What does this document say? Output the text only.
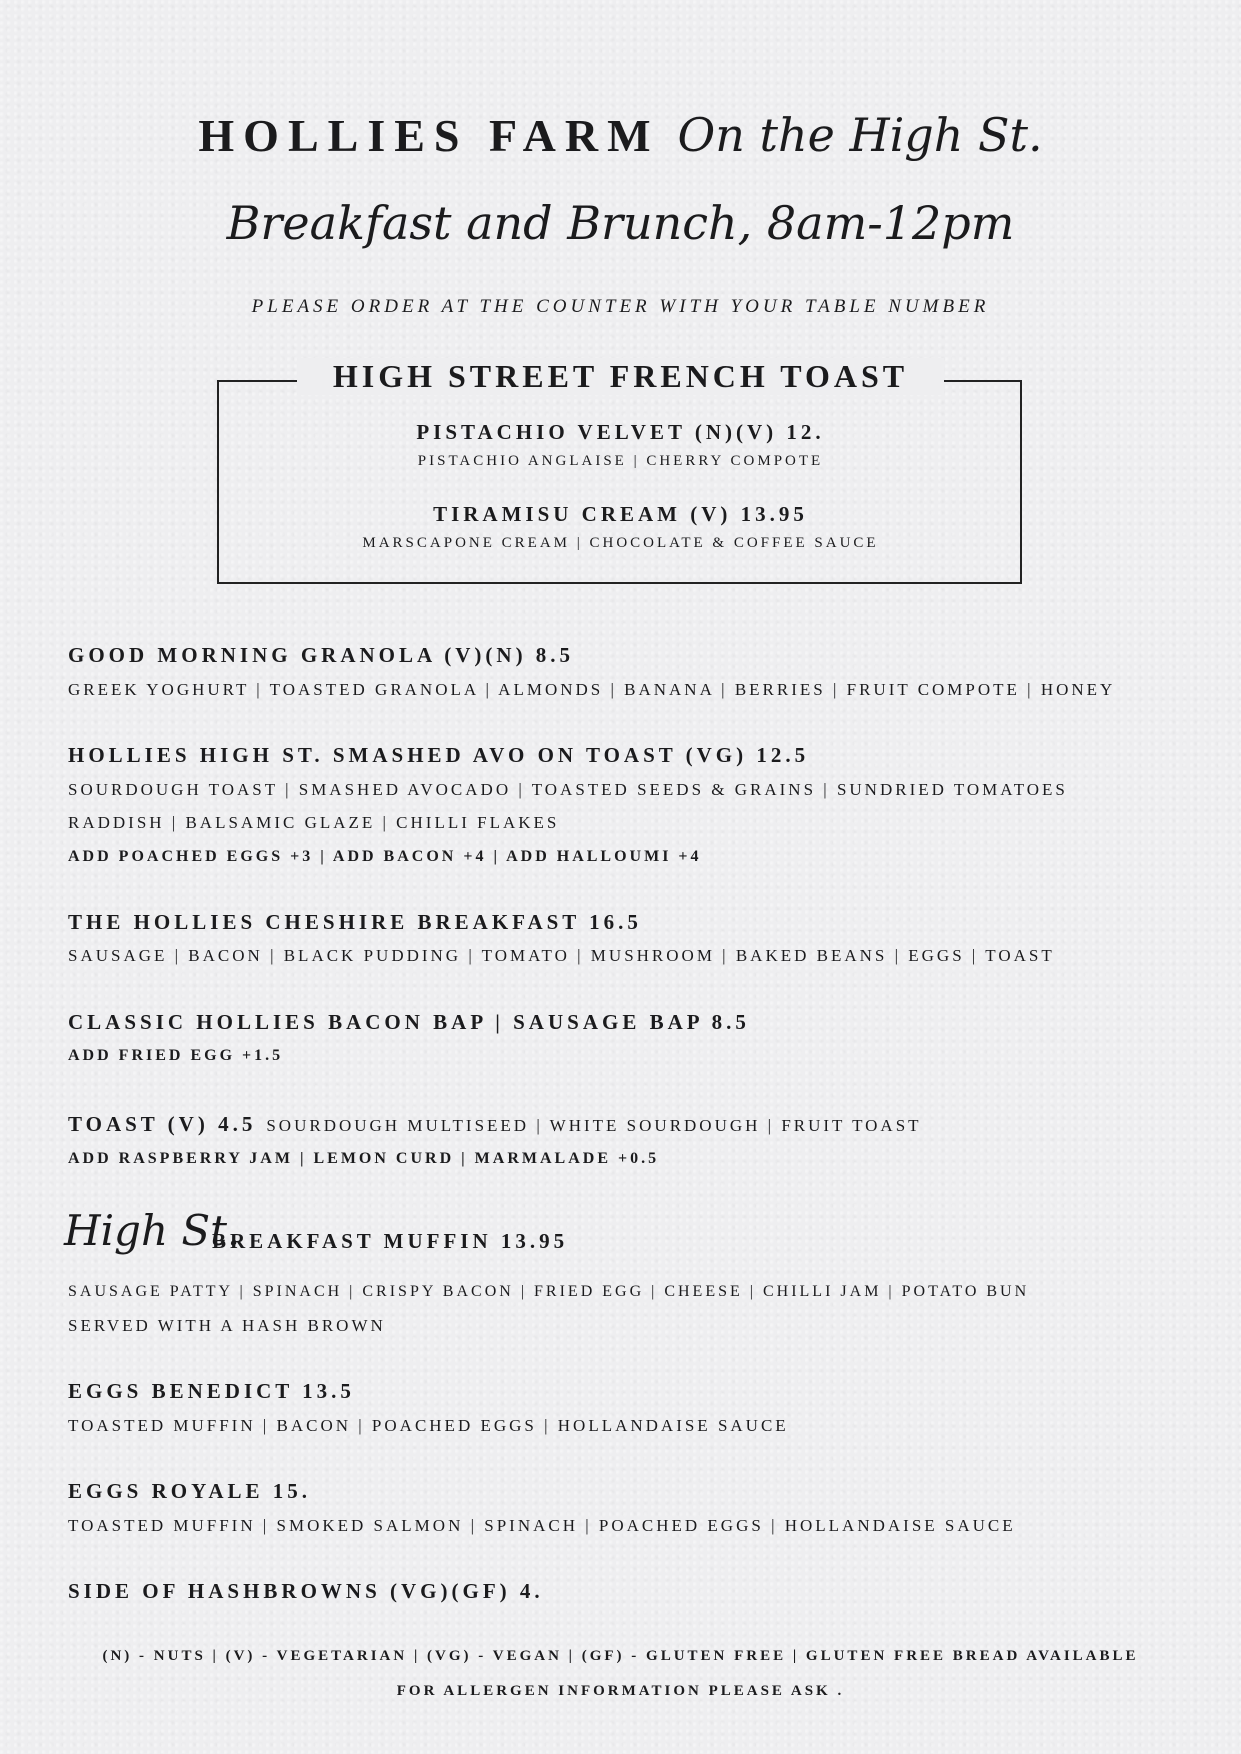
HOLLIES FARM On the High St.
Breakfast and Brunch, 8am-12pm
PLEASE ORDER AT THE COUNTER WITH YOUR TABLE NUMBER
HIGH STREET FRENCH TOAST
PISTACHIO VELVET (N)(V) 12.
PISTACHIO ANGLAISE | CHERRY COMPOTE
TIRAMISU CREAM (V) 13.95
MARSCAPONE CREAM | CHOCOLATE & COFFEE SAUCE
GOOD MORNING GRANOLA (V)(N) 8.5
GREEK YOGHURT | TOASTED GRANOLA | ALMONDS | BANANA | BERRIES | FRUIT COMPOTE | HONEY
HOLLIES HIGH ST. SMASHED AVO ON TOAST (VG) 12.5
SOURDOUGH TOAST | SMASHED AVOCADO | TOASTED SEEDS & GRAINS | SUNDRIED TOMATOES
RADDISH | BALSAMIC GLAZE | CHILLI FLAKES
ADD POACHED EGGS +3 | ADD BACON +4 | ADD HALLOUMI +4
THE HOLLIES CHESHIRE BREAKFAST 16.5
SAUSAGE | BACON | BLACK PUDDING | TOMATO | MUSHROOM | BAKED BEANS | EGGS | TOAST
CLASSIC HOLLIES BACON BAP | SAUSAGE BAP 8.5
ADD FRIED EGG +1.5
TOAST (V) 4.5 SOURDOUGH MULTISEED | WHITE SOURDOUGH | FRUIT TOAST
ADD RASPBERRY JAM | LEMON CURD | MARMALADE +0.5
High St.
BREAKFAST MUFFIN 13.95
SAUSAGE PATTY | SPINACH | CRISPY BACON | FRIED EGG | CHEESE | CHILLI JAM | POTATO BUN
SERVED WITH A HASH BROWN
EGGS BENEDICT 13.5
TOASTED MUFFIN | BACON | POACHED EGGS | HOLLANDAISE SAUCE
EGGS ROYALE 15.
TOASTED MUFFIN | SMOKED SALMON | SPINACH | POACHED EGGS | HOLLANDAISE SAUCE
SIDE OF HASHBROWNS (VG)(GF) 4.
(N) - NUTS | (V) - VEGETARIAN | (VG) - VEGAN | (GF) - GLUTEN FREE | GLUTEN FREE BREAD AVAILABLE
FOR ALLERGEN INFORMATION PLEASE ASK .
